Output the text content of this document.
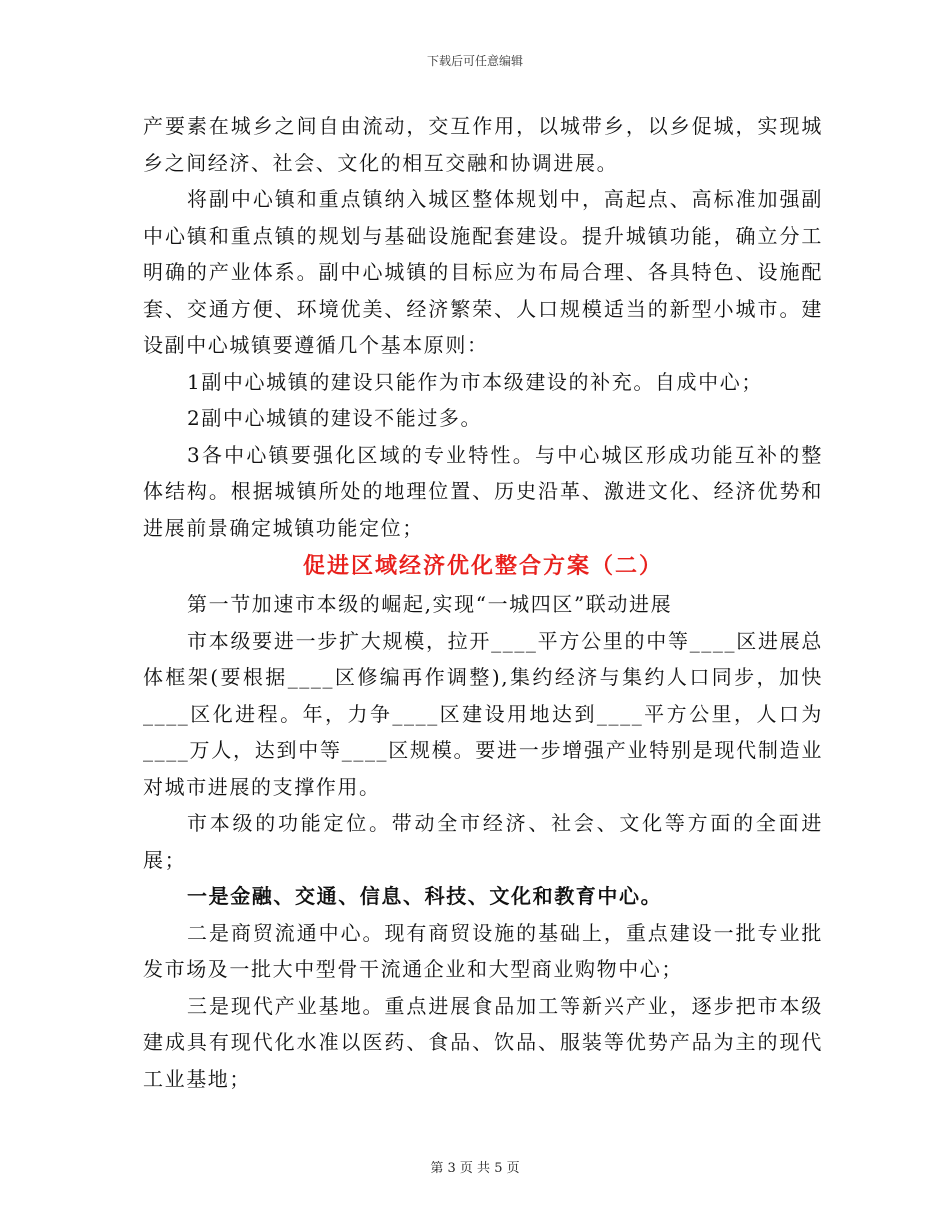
下载后可任意编辑

产要素在城乡之间自由流动，交互作用，以城带乡，以乡促城，实现城乡之间经济、社会、文化的相互交融和协调进展。

将副中心镇和重点镇纳入城区整体规划中，高起点、高标准加强副中心镇和重点镇的规划与基础设施配套建设。提升城镇功能，确立分工明确的产业体系。副中心城镇的目标应为布局合理、各具特色、设施配套、交通方便、环境优美、经济繁荣、人口规模适当的新型小城市。建设副中心城镇要遵循几个基本原则：

1副中心城镇的建设只能作为市本级建设的补充。自成中心；

2副中心城镇的建设不能过多。

3各中心镇要强化区域的专业特性。与中心城区形成功能互补的整体结构。根据城镇所处的地理位置、历史沿革、激进文化、经济优势和进展前景确定城镇功能定位；

促进区域经济优化整合方案（二）

第一节加速市本级的崛起,实现“一城四区”联动进展

市本级要进一步扩大规模，拉开____平方公里的中等____区进展总体框架(要根据____区修编再作调整),集约经济与集约人口同步，加快____区化进程。年，力争____区建设用地达到____平方公里，人口为____万人，达到中等____区规模。要进一步增强产业特别是现代制造业对城市进展的支撑作用。

市本级的功能定位。带动全市经济、社会、文化等方面的全面进展；

一是金融、交通、信息、科技、文化和教育中心。

二是商贸流通中心。现有商贸设施的基础上，重点建设一批专业批发市场及一批大中型骨干流通企业和大型商业购物中心；

三是现代产业基地。重点进展食品加工等新兴产业，逐步把市本级建成具有现代化水准以医药、食品、饮品、服装等优势产品为主的现代工业基地；

第 3 页 共 5 页
